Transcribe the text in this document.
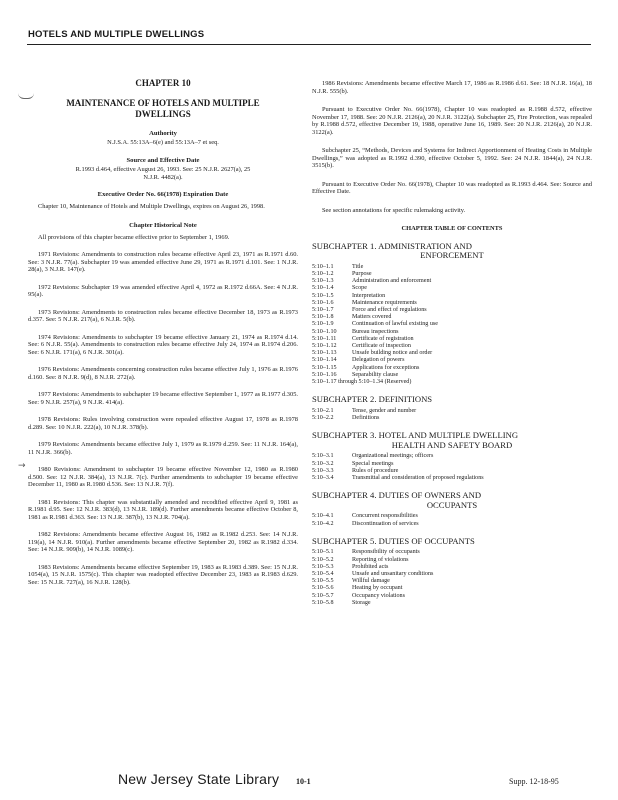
HOTELS AND MULTIPLE DWELLINGS
→
CHAPTER 10
MAINTENANCE OF HOTELS AND MULTIPLE DWELLINGS
Authority
N.J.S.A. 55:13A–6(e) and 55:13A–7 et seq.
Source and Effective Date
R.1993 d.464, effective August 26, 1993. See: 25 N.J.R. 2627(a), 25 N.J.R. 4482(a).
Executive Order No. 66(1978) Expiration Date
Chapter 10, Maintenance of Hotels and Multiple Dwellings, expires on August 26, 1998.
Chapter Historical Note
All provisions of this chapter became effective prior to September 1, 1969.
1971 Revisions: Amendments to construction rules became effective April 23, 1971 as R.1971 d.60. See: 3 N.J.R. 77(a). Subchapter 19 was amended effective June 29, 1971 as R.1971 d.101. See: 1 N.J.R. 28(a), 3 N.J.R. 147(e).
1972 Revisions: Subchapter 19 was amended effective April 4, 1972 as R.1972 d.66A. See: 4 N.J.R. 95(a).
1973 Revisions: Amendments to construction rules became effective December 18, 1973 as R.1973 d.357. See: 5 N.J.R. 217(a), 6 N.J.R. 5(b).
1974 Revisions: Amendments to subchapter 19 became effective January 21, 1974 as R.1974 d.14. See: 6 N.J.R. 55(a). Amendments to construction rules became effective July 24, 1974 as R.1974 d.206. See: 6 N.J.R. 171(a), 6 N.J.R. 301(a).
1976 Revisions: Amendments concerning construction rules became effective July 1, 1976 as R.1976 d.160. See: 8 N.J.R. 9(d), 8 N.J.R. 272(a).
1977 Revisions: Amendments to subchapter 19 became effective September 1, 1977 as R.1977 d.305. See: 9 N.J.R. 257(a), 9 N.J.R. 414(a).
1978 Revisions: Rules involving construction were repealed effective August 17, 1978 as R.1978 d.289. See: 10 N.J.R. 222(a), 10 N.J.R. 378(b).
1979 Revisions: Amendments became effective July 1, 1979 as R.1979 d.259. See: 11 N.J.R. 164(a), 11 N.J.R. 366(b).
1980 Revisions: Amendment to subchapter 19 became effective November 12, 1980 as R.1980 d.500. See: 12 N.J.R. 384(a), 13 N.J.R. 7(c). Further amendments to subchapter 19 became effective December 11, 1980 as R.1980 d.536. See: 13 N.J.R. 7(f).
1981 Revisions: This chapter was substantially amended and recodified effective April 9, 1981 as R.1981 d.95. See: 12 N.J.R. 383(d), 13 N.J.R. 189(d). Further amendments became effective October 8, 1981 as R.1981 d.363. See: 13 N.J.R. 387(b), 13 N.J.R. 704(a).
1982 Revisions: Amendments became effective August 16, 1982 as R.1982 d.253. See: 14 N.J.R. 119(a), 14 N.J.R. 910(a). Further amendments became effective September 20, 1982 as R.1982 d.334. See: 14 N.J.R. 909(b), 14 N.J.R. 1089(c).
1983 Revisions: Amendments became effective September 19, 1983 as R.1983 d.389. See: 15 N.J.R. 1054(a), 15 N.J.R. 1575(c). This chapter was readopted effective December 23, 1983 as R.1983 d.629. See: 15 N.J.R. 727(a), 16 N.J.R. 128(b).
1986 Revisions: Amendments became effective March 17, 1986 as R.1986 d.61. See: 18 N.J.R. 16(a), 18 N.J.R. 555(b).
Pursuant to Executive Order No. 66(1978), Chapter 10 was readopted as R.1988 d.572, effective November 17, 1988. See: 20 N.J.R. 2126(a), 20 N.J.R. 3122(a). Subchapter 25, Fire Protection, was repealed by R.1988 d.572, effective December 19, 1988, operative June 16, 1989. See: 20 N.J.R. 2126(a), 20 N.J.R. 3122(a).
Subchapter 25, “Methods, Devices and Systems for Indirect Apportionment of Heating Costs in Multiple Dwellings,” was adopted as R.1992 d.390, effective October 5, 1992. See: 24 N.J.R. 1844(a), 24 N.J.R. 3515(b).
Pursuant to Executive Order No. 66(1978), Chapter 10 was readopted as R.1993 d.464. See: Source and Effective Date.
See section annotations for specific rulemaking activity.
CHAPTER TABLE OF CONTENTS
SUBCHAPTER 1. ADMINISTRATION AND
ENFORCEMENT
5:10–1.1	Title
5:10–1.2	Purpose
5:10–1.3	Administration and enforcement
5:10–1.4	Scope
5:10–1.5	Interpretation
5:10–1.6	Maintenance requirements
5:10–1.7	Force and effect of regulations
5:10–1.8	Matters covered
5:10–1.9	Continuation of lawful existing use
5:10–1.10	Bureau inspections
5:10–1.11	Certificate of registration
5:10–1.12	Certificate of inspection
5:10–1.13	Unsafe building notice and order
5:10–1.14	Delegation of powers
5:10–1.15	Applications for exceptions
5:10–1.16	Separability clause
5:10–1.17 through 5:10–1.34 (Reserved)
SUBCHAPTER 2. DEFINITIONS
5:10–2.1	Tense, gender and number
5:10–2.2	Definitions
SUBCHAPTER 3. HOTEL AND MULTIPLE DWELLING
HEALTH AND SAFETY BOARD
5:10–3.1	Organizational meetings; officers
5:10–3.2	Special meetings
5:10–3.3	Rules of procedure
5:10–3.4	Transmittal and consideration of proposed regulations
SUBCHAPTER 4. DUTIES OF OWNERS AND
OCCUPANTS
5:10–4.1	Concurrent responsibilities
5:10–4.2	Discontinuation of services
SUBCHAPTER 5. DUTIES OF OCCUPANTS
5:10–5.1	Responsibility of occupants
5:10–5.2	Reporting of violations
5:10–5.3	Prohibited acts
5:10–5.4	Unsafe and unsanitary conditions
5:10–5.5	Willful damage
5:10–5.6	Heating by occupant
5:10–5.7	Occupancy violations
5:10–5.8	Storage
New Jersey State Library 10-1	Supp. 12-18-95
